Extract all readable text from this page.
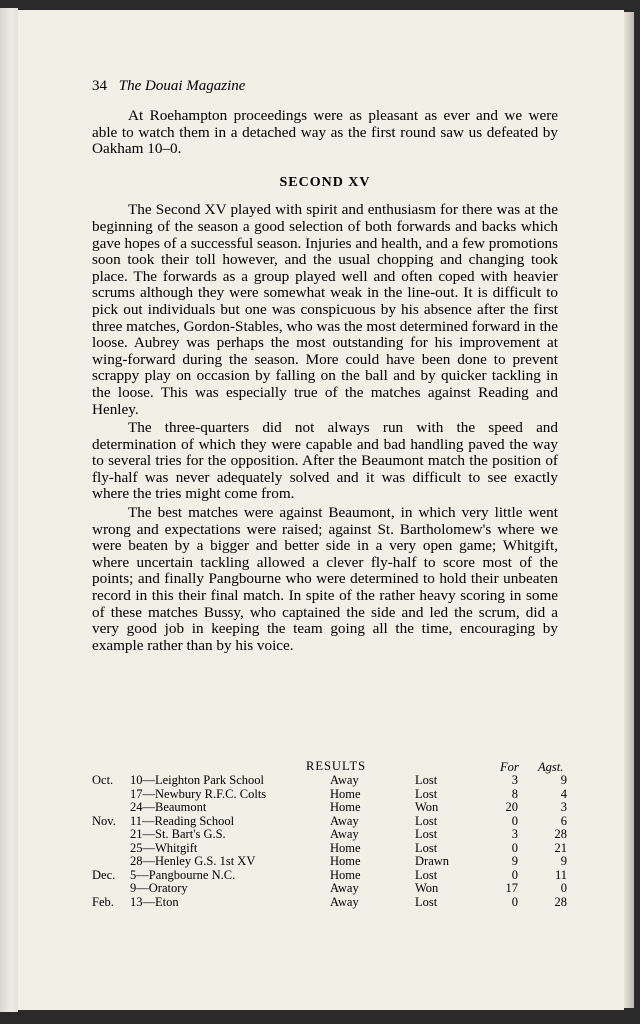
34 The Douai Magazine

At Roehampton proceedings were as pleasant as ever and we were able to watch them in a detached way as the first round saw us defeated by Oakham 10–0.

SECOND XV

The Second XV played with spirit and enthusiasm for there was at the beginning of the season a good selection of both forwards and backs which gave hopes of a successful season. Injuries and health, and a few promotions soon took their toll however, and the usual chopping and changing took place. The forwards as a group played well and often coped with heavier scrums although they were somewhat weak in the line-out. It is difficult to pick out individuals but one was conspicuous by his absence after the first three matches, Gordon-Stables, who was the most determined forward in the loose. Aubrey was perhaps the most outstanding for his improvement at wing-forward during the season. More could have been done to prevent scrappy play on occasion by falling on the ball and by quicker tackling in the loose. This was especially true of the matches against Reading and Henley.

The three-quarters did not always run with the speed and determination of which they were capable and bad handling paved the way to several tries for the opposition. After the Beaumont match the position of fly-half was never adequately solved and it was difficult to see exactly where the tries might come from.

The best matches were against Beaumont, in which very little went wrong and expectations were raised; against St. Bartholomew's where we were beaten by a bigger and better side in a very open game; Whitgift, where uncertain tackling allowed a clever fly-half to score most of the points; and finally Pangbourne who were determined to hold their unbeaten record in this their final match. In spite of the rather heavy scoring in some of these matches Bussy, who captained the side and led the scrum, did a very good job in keeping the team going all the time, encouraging by example rather than by his voice.

RESULTS	For Agst.
Oct. 10—Leighton Park School	Away	Lost	3	9
17—Newbury R.F.C. Colts	Home	Lost	8	4
24—Beaumont	Home	Won	20	3
Nov. 11—Reading School	Away	Lost	0	6
21—St. Bart's G.S.	Away	Lost	3	28
25—Whitgift	Home	Lost	0	21
28—Henley G.S. 1st XV	Home	Drawn	9	9
Dec. 5—Pangbourne N.C.	Home	Lost	0	11
9—Oratory	Away	Won	17	0
Feb. 13—Eton	Away	Lost	0	28
